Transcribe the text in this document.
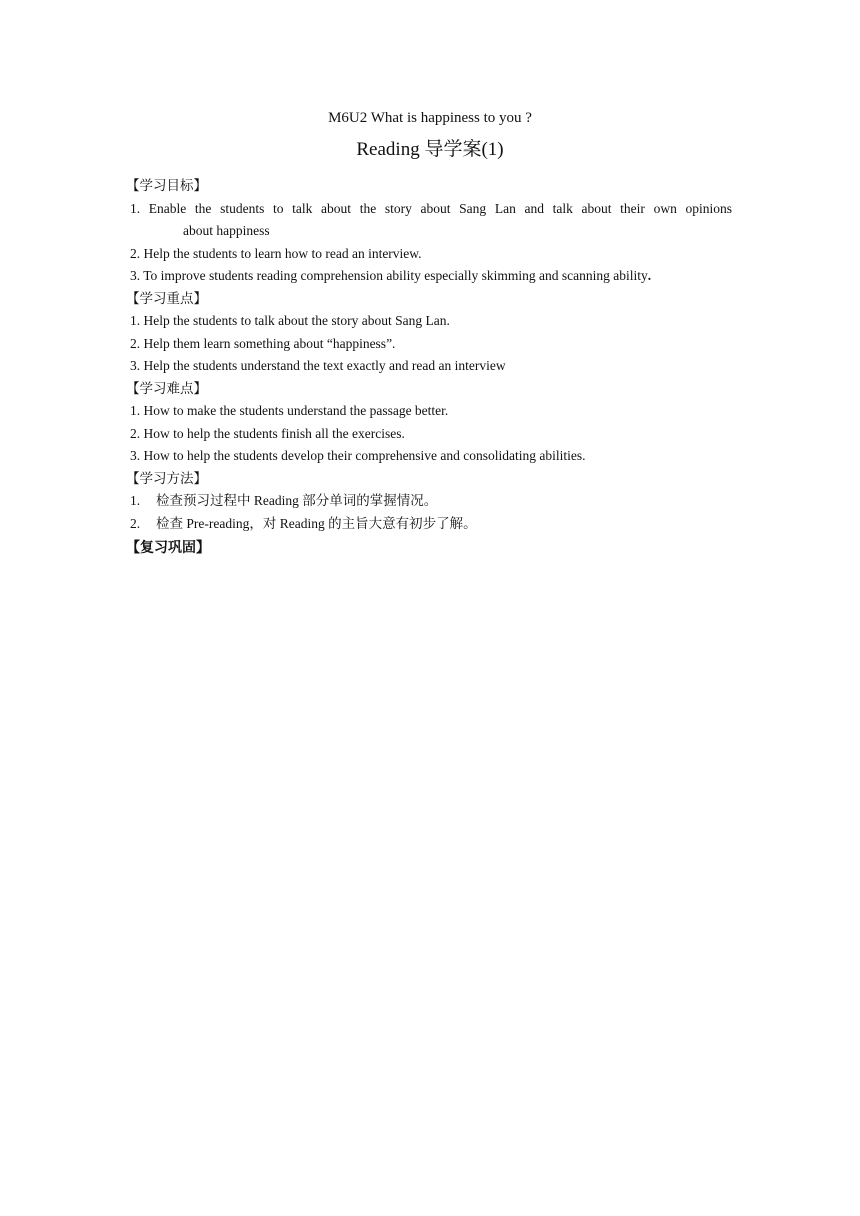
M6U2 What is happiness to you ?
Reading 导学案(1)
【学习目标】
1. Enable the students to talk about the story about Sang Lan and talk about their own opinions
about happiness
2. Help the students to learn how to read an interview.
3. To improve students reading comprehension ability especially skimming and scanning ability.
【学习重点】
1. Help the students to talk about the story about Sang Lan.
2. Help them learn something about “happiness”.
3. Help the students understand the text exactly and read an interview
【学习难点】
1. How to make the students understand the passage better.
2. How to help the students finish all the exercises.
3. How to help the students develop their comprehensive and consolidating abilities.
【学习方法】
1. 检查预习过程中 Reading 部分单词的掌握情况。
2. 检查 Pre-reading，对 Reading 的主旨大意有初步了解。
【复习巩固】
